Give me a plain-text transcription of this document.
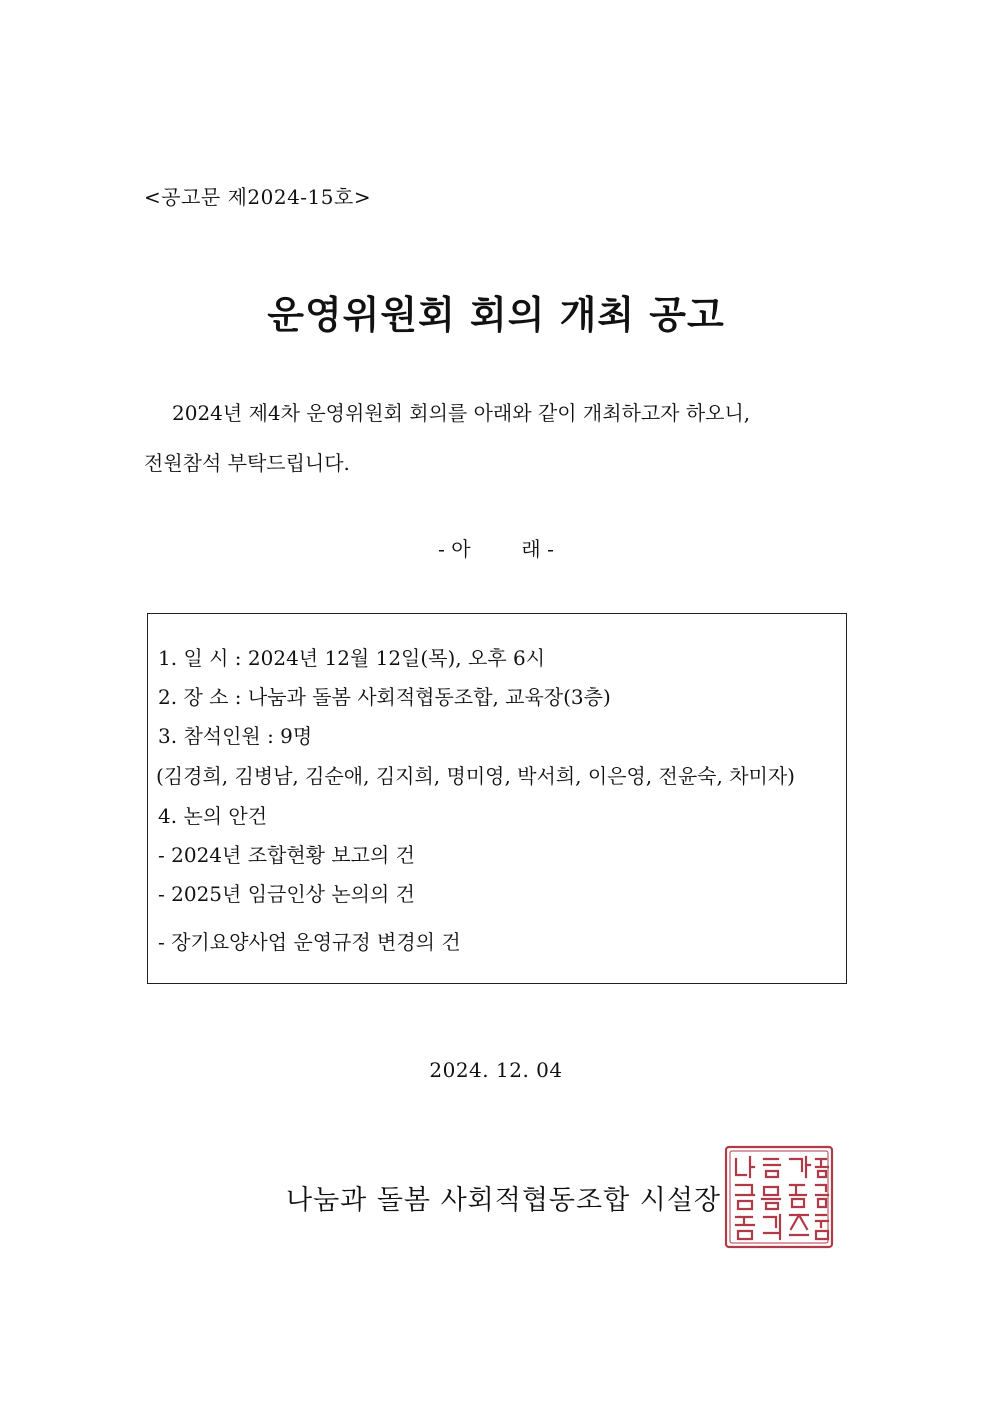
<공고문 제2024-15호>
운영위원회 회의 개최 공고
2024년 제4차 운영위원회 회의를 아래와 같이 개최하고자 하오니,
전원참석 부탁드립니다.
- 아        래 -
1. 일 시 : 2024년 12월 12일(목), 오후 6시
2. 장 소 : 나눔과 돌봄 사회적협동조합, 교육장(3층)
3. 참석인원 : 9명
(김경희, 김병남, 김순애, 김지희, 명미영, 박서희, 이은영, 전윤숙, 차미자)
4. 논의 안건
- 2024년 조합현황 보고의 건
- 2025년 임금인상 논의의 건
- 장기요양사업 운영규정 변경의 건
2024. 12. 04
나눔과 돌봄 사회적협동조합 시설장
